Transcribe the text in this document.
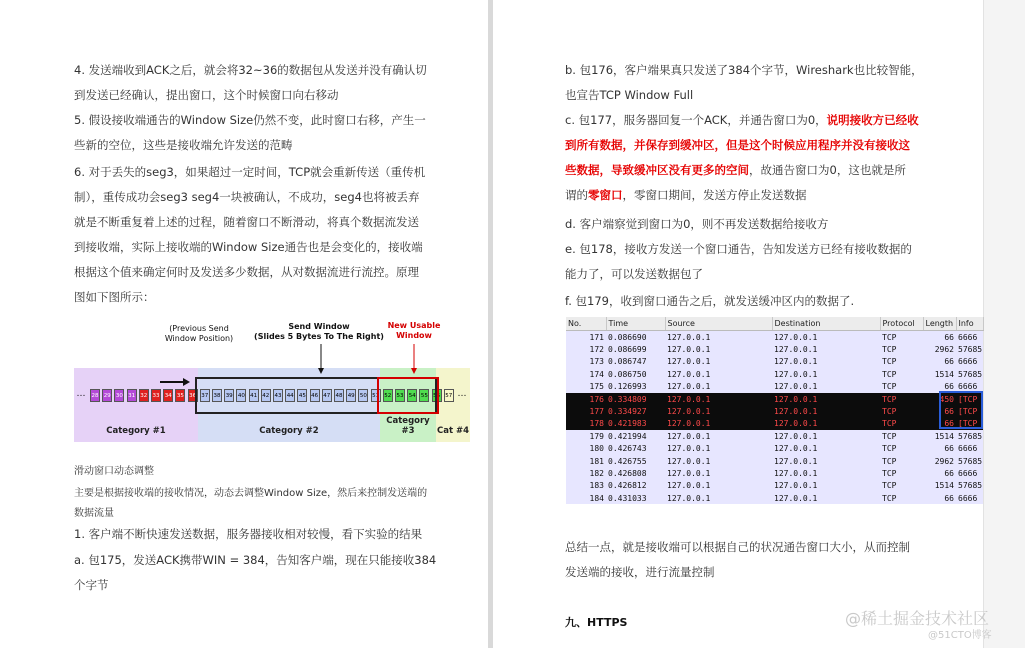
4. 发送端收到ACK之后，就会将32~36的数据包从发送并没有确认切
到发送已经确认，提出窗口，这个时候窗口向右移动
5. 假设接收端通告的Window Size仍然不变，此时窗口右移，产生一
些新的空位，这些是接收端允许发送的范畴
6. 对于丢失的seg3，如果超过一定时间，TCP就会重新传送（重传机
制），重传成功会seg3 seg4一块被确认，不成功，seg4也将被丢弃
就是不断重复着上述的过程，随着窗口不断滑动，将真个数据流发送
到接收端，实际上接收端的Window Size通告也是会变化的，接收端
根据这个值来确定何时及发送多少数据，从对数据流进行流控。原理
图如下图所示：
Category #1	Category #2
Category #3	Cat #4
(Previous Send
Window Position)
Send Window
(Slides 5 Bytes To The Right)
New Usable
Window
… 28 29 30 31 32 33 34 35 36 37 38 39 40 41 42 43 44 45 46 47 48 49 50 51 52 53 54 55 56 57 …
滑动窗口动态调整
主要是根据接收端的接收情况，动态去调整Window Size，然后来控制发送端的
数据流量
1. 客户端不断快速发送数据，服务器接收相对较慢，看下实验的结果
a. 包175，发送ACK携带WIN = 384，告知客户端，现在只能接收384
个字节
b. 包176，客户端果真只发送了384个字节，Wireshark也比较智能，
也宣告TCP Window Full
c. 包177，服务器回复一个ACK，并通告窗口为0，说明接收方已经收
到所有数据，并保存到缓冲区，但是这个时候应用程序并没有接收这
些数据，导致缓冲区没有更多的空间，故通告窗口为0，这也就是所
谓的零窗口，零窗口期间，发送方停止发送数据
d. 客户端察觉到窗口为0，则不再发送数据给接收方
e. 包178，接收方发送一个窗口通告，告知发送方已经有接收数据的
能力了，可以发送数据包了
f. 包179，收到窗口通告之后，就发送缓冲区内的数据了.
总结一点，就是接收端可以根据自己的状况通告窗口大小，从而控制
发送端的接收，进行流量控制
九、HTTPS
No.	Time	Source	Destination	Protocol	Length	Info
171	0.086690	127.0.0.1	127.0.0.1	TCP	66	6666
172	0.086699	127.0.0.1	127.0.0.1	TCP	2962	57685
173	0.086747	127.0.0.1	127.0.0.1	TCP	66	6666
174	0.086750	127.0.0.1	127.0.0.1	TCP	1514	57685
175	0.126993	127.0.0.1	127.0.0.1	TCP	66	6666
176	0.334809	127.0.0.1	127.0.0.1	TCP	450	[TCP
177	0.334927	127.0.0.1	127.0.0.1	TCP	66	[TCP
178	0.421983	127.0.0.1	127.0.0.1	TCP	66	[TCP
179	0.421994	127.0.0.1	127.0.0.1	TCP	1514	57685
180	0.426743	127.0.0.1	127.0.0.1	TCP	66	6666
181	0.426755	127.0.0.1	127.0.0.1	TCP	2962	57685
182	0.426808	127.0.0.1	127.0.0.1	TCP	66	6666
183	0.426812	127.0.0.1	127.0.0.1	TCP	1514	57685
184	0.431033	127.0.0.1	127.0.0.1	TCP	66	6666
@稀土掘金技术社区
@51CTO博客
